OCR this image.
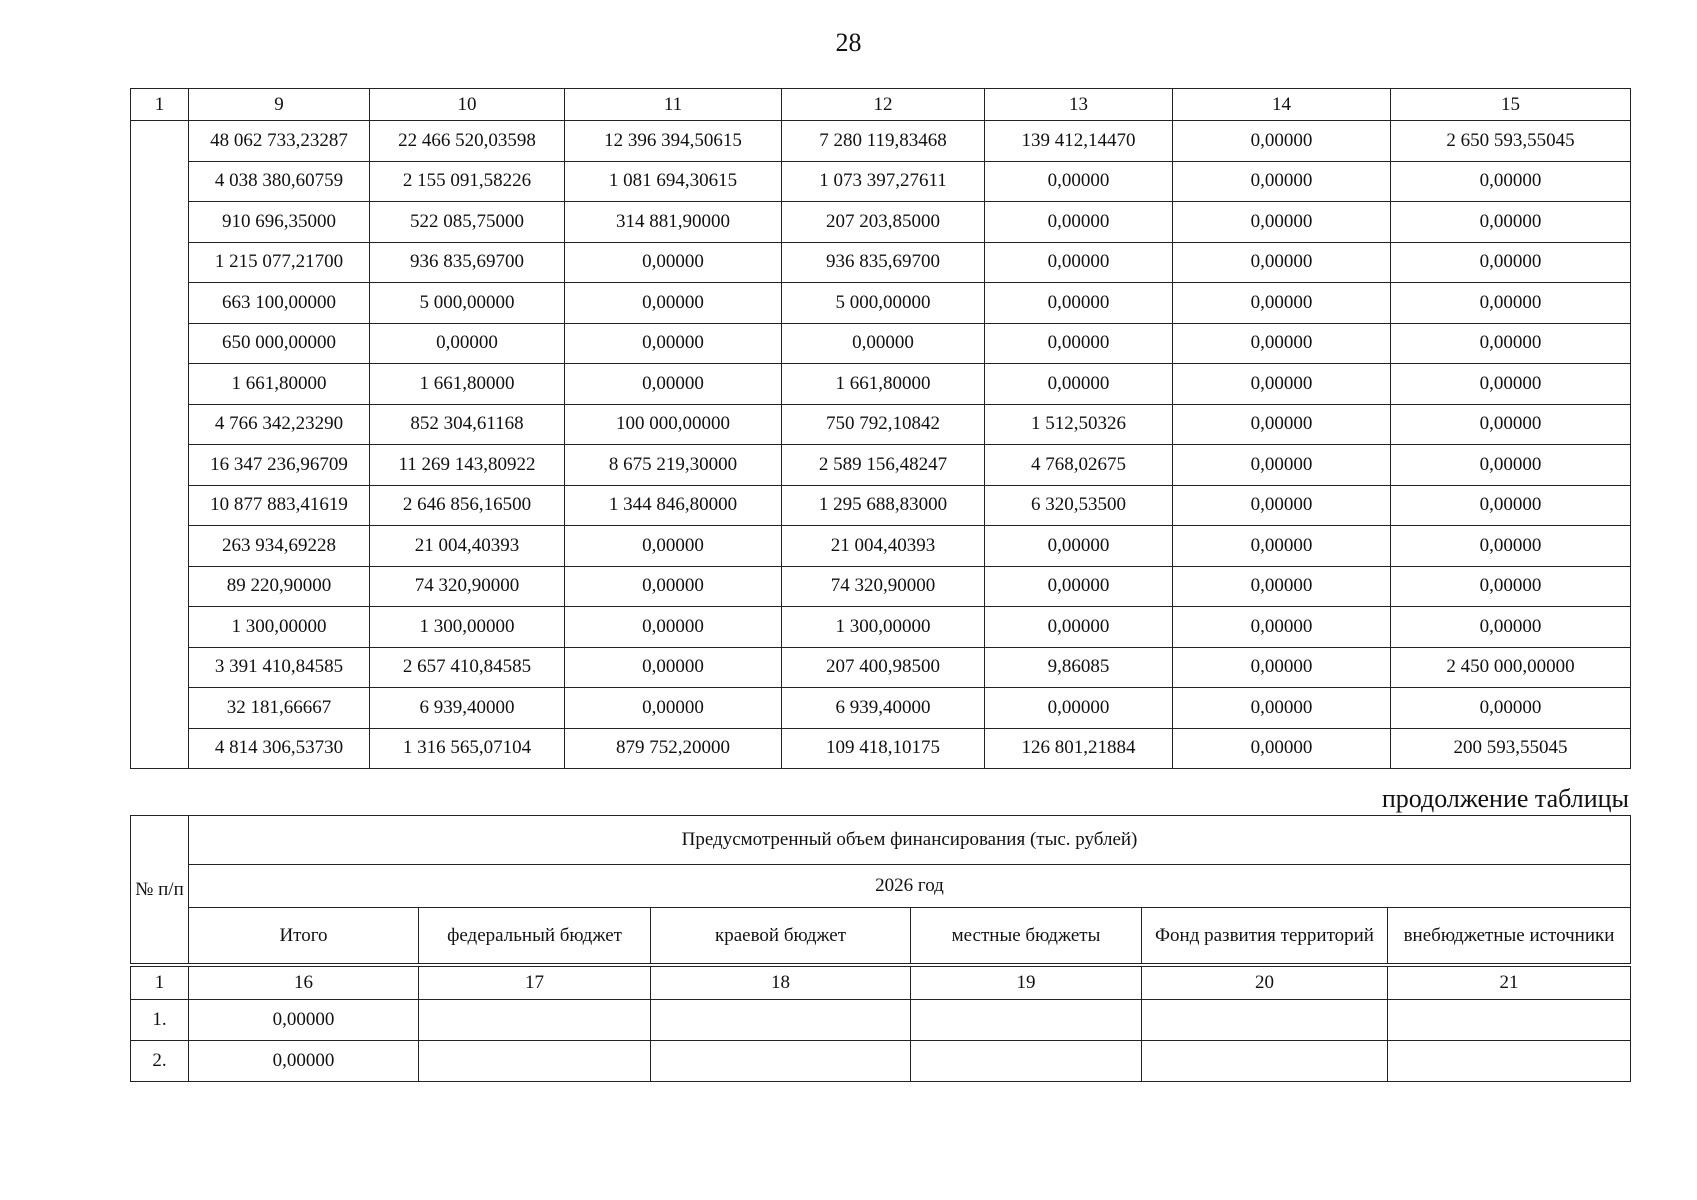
28
1	9	10	11	12	13	14	15
	48 062 733,23287	22 466 520,03598	12 396 394,50615	7 280 119,83468	139 412,14470	0,00000	2 650 593,55045
	4 038 380,60759	2 155 091,58226	1 081 694,30615	1 073 397,27611	0,00000	0,00000	0,00000
	910 696,35000	522 085,75000	314 881,90000	207 203,85000	0,00000	0,00000	0,00000
	1 215 077,21700	936 835,69700	0,00000	936 835,69700	0,00000	0,00000	0,00000
	663 100,00000	5 000,00000	0,00000	5 000,00000	0,00000	0,00000	0,00000
	650 000,00000	0,00000	0,00000	0,00000	0,00000	0,00000	0,00000
	1 661,80000	1 661,80000	0,00000	1 661,80000	0,00000	0,00000	0,00000
	4 766 342,23290	852 304,61168	100 000,00000	750 792,10842	1 512,50326	0,00000	0,00000
	16 347 236,96709	11 269 143,80922	8 675 219,30000	2 589 156,48247	4 768,02675	0,00000	0,00000
	10 877 883,41619	2 646 856,16500	1 344 846,80000	1 295 688,83000	6 320,53500	0,00000	0,00000
	263 934,69228	21 004,40393	0,00000	21 004,40393	0,00000	0,00000	0,00000
	89 220,90000	74 320,90000	0,00000	74 320,90000	0,00000	0,00000	0,00000
	1 300,00000	1 300,00000	0,00000	1 300,00000	0,00000	0,00000	0,00000
	3 391 410,84585	2 657 410,84585	0,00000	207 400,98500	9,86085	0,00000	2 450 000,00000
	32 181,66667	6 939,40000	0,00000	6 939,40000	0,00000	0,00000	0,00000
	4 814 306,53730	1 316 565,07104	879 752,20000	109 418,10175	126 801,21884	0,00000	200 593,55045
продолжение таблицы
№ п/п	Предусмотренный объем финансирования (тыс. рублей)					
	2026 год					
	Итого	федеральный бюджет	краевой бюджет	местные бюджеты	Фонд развития территорий	внебюджетные источники
1	16	17	18	19	20	21
1.	0,00000					
2.	0,00000					
